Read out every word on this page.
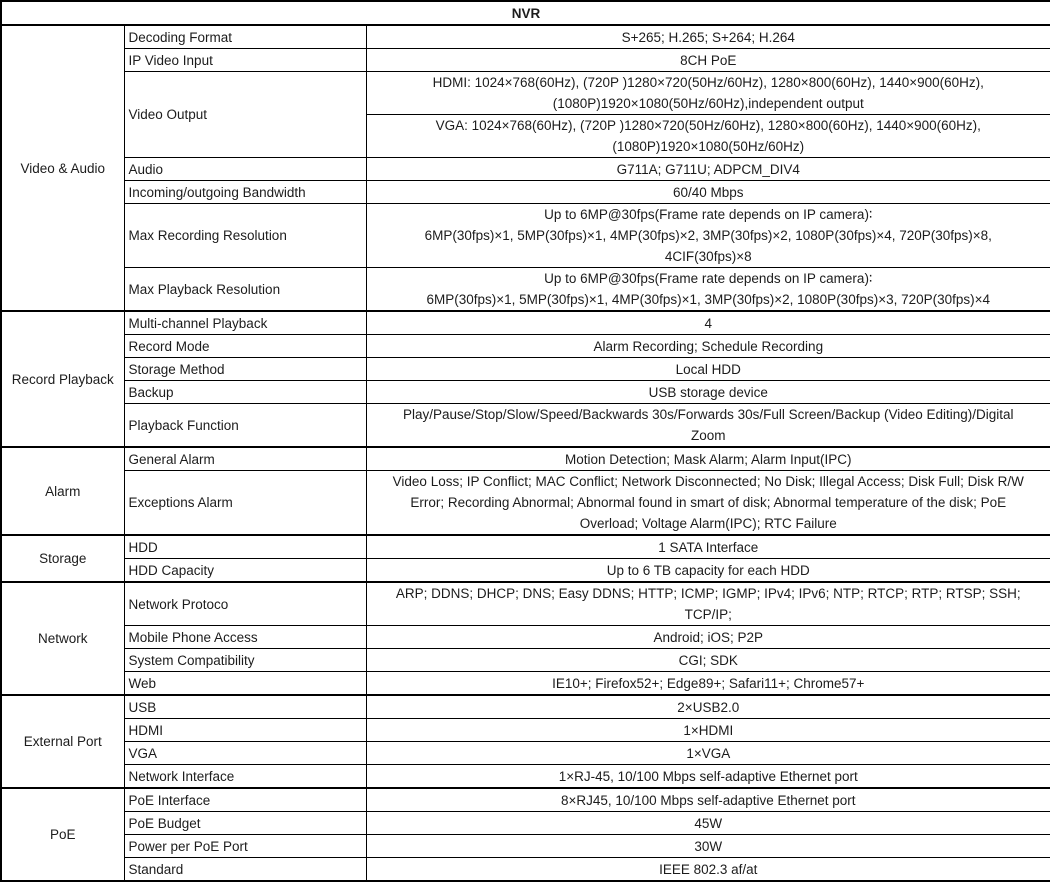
NVR		
Video & Audio	Decoding Format	S+265; H.265; S+264; H.264
	IP Video Input	8CH PoE
	Video Output	HDMI: 1024×768(60Hz), (720P )1280×720(50Hz/60Hz), 1280×800(60Hz), 1440×900(60Hz),
(1080P)1920×1080(50Hz/60Hz),independent output

		VGA: 1024×768(60Hz), (720P )1280×720(50Hz/60Hz), 1280×800(60Hz), 1440×900(60Hz),
(1080P)1920×1080(50Hz/60Hz)

	Audio	G711A; G711U; ADPCM_DIV4
	Incoming/outgoing Bandwidth	60/40 Mbps
	Max Recording Resolution	Up to 6MP@30fps(Frame rate depends on IP camera)∶
6MP(30fps)×1, 5MP(30fps)×1, 4MP(30fps)×2, 3MP(30fps)×2, 1080P(30fps)×4, 720P(30fps)×8,
4CIF(30fps)×8

	Max Playback Resolution	Up to 6MP@30fps(Frame rate depends on IP camera)∶
6MP(30fps)×1, 5MP(30fps)×1, 4MP(30fps)×1, 3MP(30fps)×2, 1080P(30fps)×3, 720P(30fps)×4

Record Playback	Multi-channel Playback	4
	Record Mode	Alarm Recording; Schedule Recording
	Storage Method	Local HDD
	Backup	USB storage device
	Playback Function	Play/Pause/Stop/Slow/Speed/Backwards 30s/Forwards 30s/Full Screen/Backup (Video Editing)/Digital
Zoom

Alarm	General Alarm	Motion Detection; Mask Alarm; Alarm Input(IPC)
	Exceptions Alarm	Video Loss; IP Conflict; MAC Conflict; Network Disconnected; No Disk; Illegal Access; Disk Full; Disk R/W
Error; Recording Abnormal; Abnormal found in smart of disk; Abnormal temperature of the disk; PoE
Overload; Voltage Alarm(IPC); RTC Failure

Storage	HDD	1 SATA Interface
	HDD Capacity	Up to 6 TB capacity for each HDD
Network	Network Protoco	ARP; DDNS; DHCP; DNS; Easy DDNS; HTTP; ICMP; IGMP; IPv4; IPv6; NTP; RTCP; RTP; RTSP; SSH; TCP/IP;
	Mobile Phone Access	Android; iOS; P2P
	System Compatibility	CGI; SDK
	Web	IE10+; Firefox52+; Edge89+; Safari11+; Chrome57+
External Port	USB	2×USB2.0
	HDMI	1×HDMI
	VGA	1×VGA
	Network Interface	1×RJ-45, 10/100 Mbps self-adaptive Ethernet port
PoE	PoE Interface	8×RJ45, 10/100 Mbps self-adaptive Ethernet port
	PoE Budget	45W
	Power per PoE Port	30W
	Standard	IEEE 802.3 af/at
